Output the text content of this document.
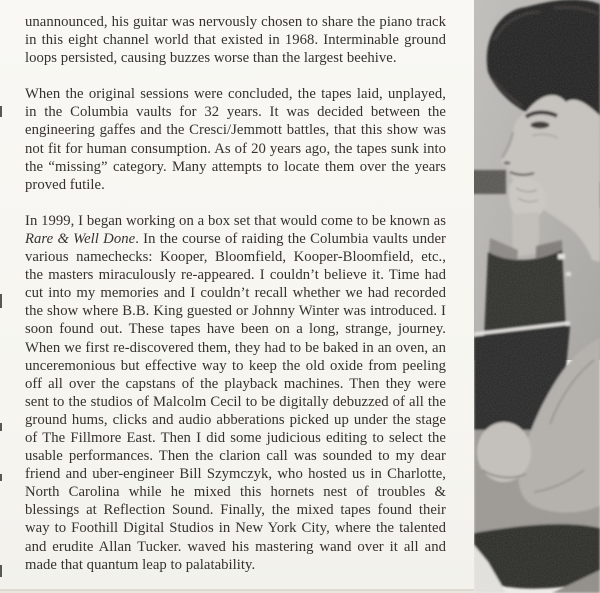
unannounced, his guitar was nervously chosen to share the piano track in this eight channel world that existed in 1968. Interminable ground loops persisted, causing buzzes worse than the largest beehive.

When the original sessions were concluded, the tapes laid, unplayed, in the Columbia vaults for 32 years. It was decided between the engineering gaffes and the Cresci/Jemmott battles, that this show was not fit for human consumption. As of 20 years ago, the tapes sunk into the “missing” category. Many attempts to locate them over the years proved futile.

In 1999, I began working on a box set that would come to be known as Rare & Well Done. In the course of raiding the Columbia vaults under various namechecks: Kooper, Bloomfield, Kooper-Bloomfield, etc., the masters miraculously re-appeared. I couldn’t believe it. Time had cut into my memories and I couldn’t recall whether we had recorded the show where B.B. King guested or Johnny Winter was introduced. I soon found out. These tapes have been on a long, strange, journey. When we first re-discovered them, they had to be baked in an oven, an unceremonious but effective way to keep the old oxide from peeling off all over the capstans of the playback machines. Then they were sent to the studios of Malcolm Cecil to be digitally debuzzed of all the ground hums, clicks and audio abberations picked up under the stage of The Fillmore East. Then I did some judicious editing to select the usable performances. Then the clarion call was sounded to my dear friend and uber-engineer Bill Szymczyk, who hosted us in Charlotte, North Carolina while he mixed this hornets nest of troubles & blessings at Reflection Sound. Finally, the mixed tapes found their way to Foothill Digital Studios in New York City, where the talented and erudite Allan Tucker. waved his mastering wand over it all and made that quantum leap to palatability.
